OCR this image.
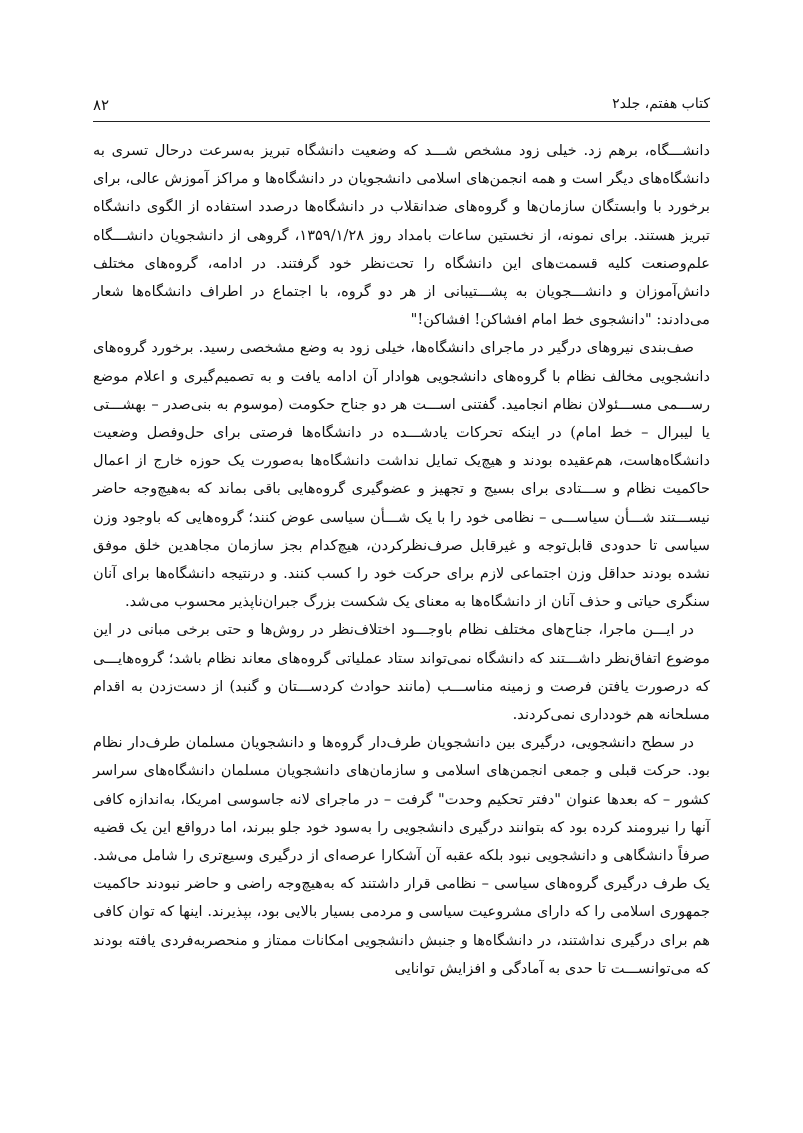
کتاب هفتم، جلد۲
۸۲

دانشـــگاه، برهم زد. خیلی زود مشخص شـــد که وضعیت دانشگاه تبریز به‌سرعت درحال تسری به دانشگاه‌های دیگر است و همه انجمن‌های اسلامی دانشجویان در دانشگاه‌ها و مراکز آموزش عالی، برای برخورد با وابستگان سازمان‌ها و گروه‌های ضدانقلاب در دانشگاه‌ها درصدد استفاده از الگوی دانشگاه تبریز هستند. برای نمونه، از نخستین ساعات بامداد روز ۱۳۵۹/۱/۲۸، گروهی از دانشجویان دانشـــگاه علم‌وصنعت کلیه قسمت‌های این دانشگاه را تحت‌نظر خود گرفتند. در ادامه، گروه‌های مختلف دانش‌آموزان و دانشـــجویان به پشـــتیبانی از هر دو گروه، با اجتماع در اطراف دانشگاه‌ها شعار می‌دادند: "دانشجوی خط امام افشاکن! افشاکن!"

صف‌بندی نیروهای درگیر در ماجرای دانشگاه‌ها، خیلی زود به وضع مشخصی رسید. برخورد گروه‌های دانشجویی مخالف نظام با گروه‌های دانشجویی هوادار آن ادامه یافت و به تصمیم‌گیری و اعلام موضع رســـمی مســـئولان نظام انجامید. گفتنی اســـت هر دو جناح حکومت (موسوم به بنی‌صدر – بهشـــتی یا لیبرال – خط امام) در اینکه تحرکات یادشـــده در دانشگاه‌ها فرصتی برای حل‌وفصل وضعیت دانشگاه‌هاست، هم‌عقیده بودند و هیچ‌یک تمایل نداشت دانشگاه‌ها به‌صورت یک حوزه خارج از اعمال حاکمیت نظام و ســـتادی برای بسیج و تجهیز و عضوگیری گروه‌هایی باقی بماند که به‌هیچ‌وجه حاضر نیســـتند شـــأن سیاســـی – نظامی خود را با یک شـــأن سیاسی عوض کنند؛ گروه‌هایی که باوجود وزن سیاسی تا حدودی قابل‌توجه و غیرقابل صرف‌نظرکردن، هیچ‌کدام بجز سازمان مجاهدین خلق موفق نشده بودند حداقل وزن اجتماعی لازم برای حرکت خود را کسب کنند. و درنتیجه دانشگاه‌ها برای آنان سنگری حیاتی و حذف آنان از دانشگاه‌ها به معنای یک شکست بزرگ جبران‌ناپذیر محسوب می‌شد.

در ایـــن ماجرا، جناح‌های مختلف نظام باوجـــود اختلاف‌نظر در روش‌ها و حتی برخی مبانی در این موضوع اتفاق‌نظر داشـــتند که دانشگاه نمی‌تواند ستاد عملیاتی گروه‌های معاند نظام باشد؛ گروه‌هایـــی که درصورت یافتن فرصت و زمینه مناســـب (مانند حوادث کردســـتان و گنبد) از دست‌زدن به اقدام مسلحانه هم خودداری نمی‌کردند.

در سطح دانشجویی، درگیری بین دانشجویان طرف‌دار گروه‌ها و دانشجویان مسلمان طرف‌دار نظام بود. حرکت قبلی و جمعی انجمن‌های اسلامی و سازمان‌های دانشجویان مسلمان دانشگاه‌های سراسر کشور – که بعدها عنوان "دفتر تحکیم وحدت" گرفت – در ماجرای لانه جاسوسی امریکا، به‌اندازه کافی آنها را نیرومند کرده بود که بتوانند درگیری دانشجویی را به‌سود خود جلو ببرند، اما درواقع این یک قضیه صرفاً دانشگاهی و دانشجویی نبود بلکه عقبه آن آشکارا عرصه‌ای از درگیری وسیع‌تری را شامل می‌شد. یک طرف درگیری گروه‌های سیاسی – نظامی قرار داشتند که به‌هیچ‌وجه راضی و حاضر نبودند حاکمیت جمهوری اسلامی را که دارای مشروعیت سیاسی و مردمی بسیار بالایی بود، بپذیرند. اینها که توان کافی هم برای درگیری نداشتند، در دانشگاه‌ها و جنبش دانشجویی امکانات ممتاز و منحصربه‌فردی یافته بودند که می‌توانســـت تا حدی به آمادگی و افزایش توانایی
